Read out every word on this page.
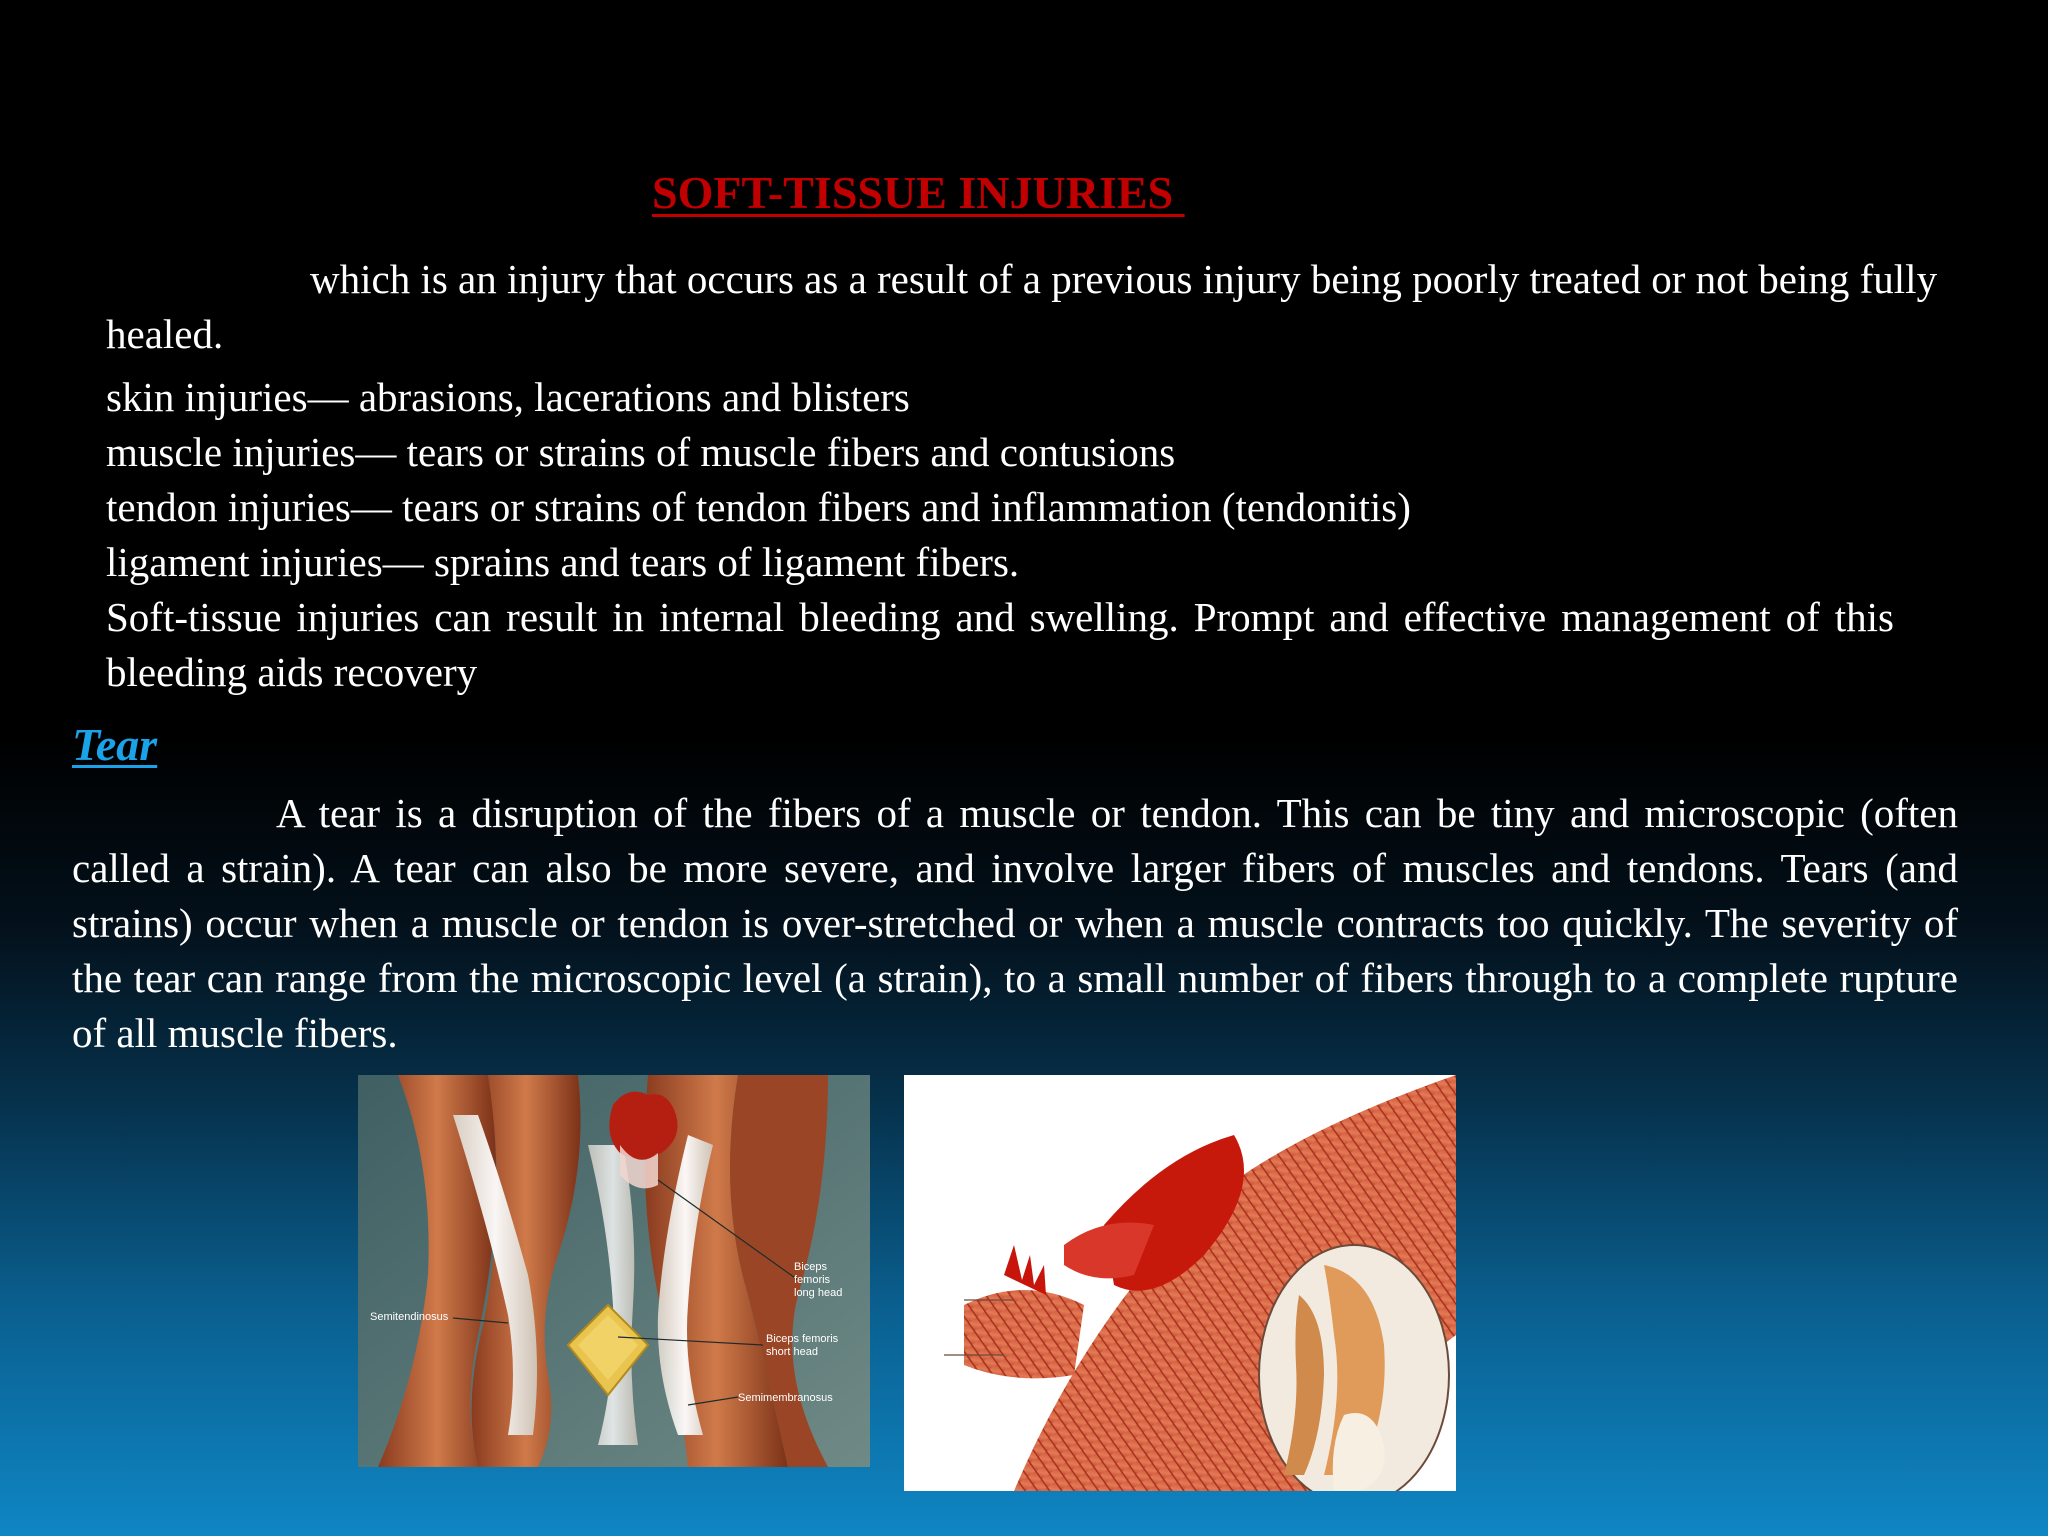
SOFT-TISSUE INJURIES

which is an injury that occurs as a result of a previous injury being poorly treated or not being fully healed.

skin injuries— abrasions, lacerations and blisters

muscle injuries— tears or strains of muscle fibers and contusions

tendon injuries— tears or strains of tendon fibers and inflammation (tendonitis)

ligament injuries— sprains and tears of ligament fibers.

Soft-tissue injuries can result in internal bleeding and swelling. Prompt and effective management of this bleeding aids recovery

Tear

A tear is a disruption of the fibers of a muscle or tendon. This can be tiny and microscopic (often called a strain). A tear can also be more severe, and involve larger fibers of muscles and tendons. Tears (and strains) occur when a muscle or tendon is over-stretched or when a muscle contracts too quickly. The severity of the tear can range from the microscopic level (a strain), to a small number of fibers through to a complete rupture of all muscle fibers.

Biceps
femoris
long head
Semitendinosus
Biceps femoris
short head
Semimembranosus
